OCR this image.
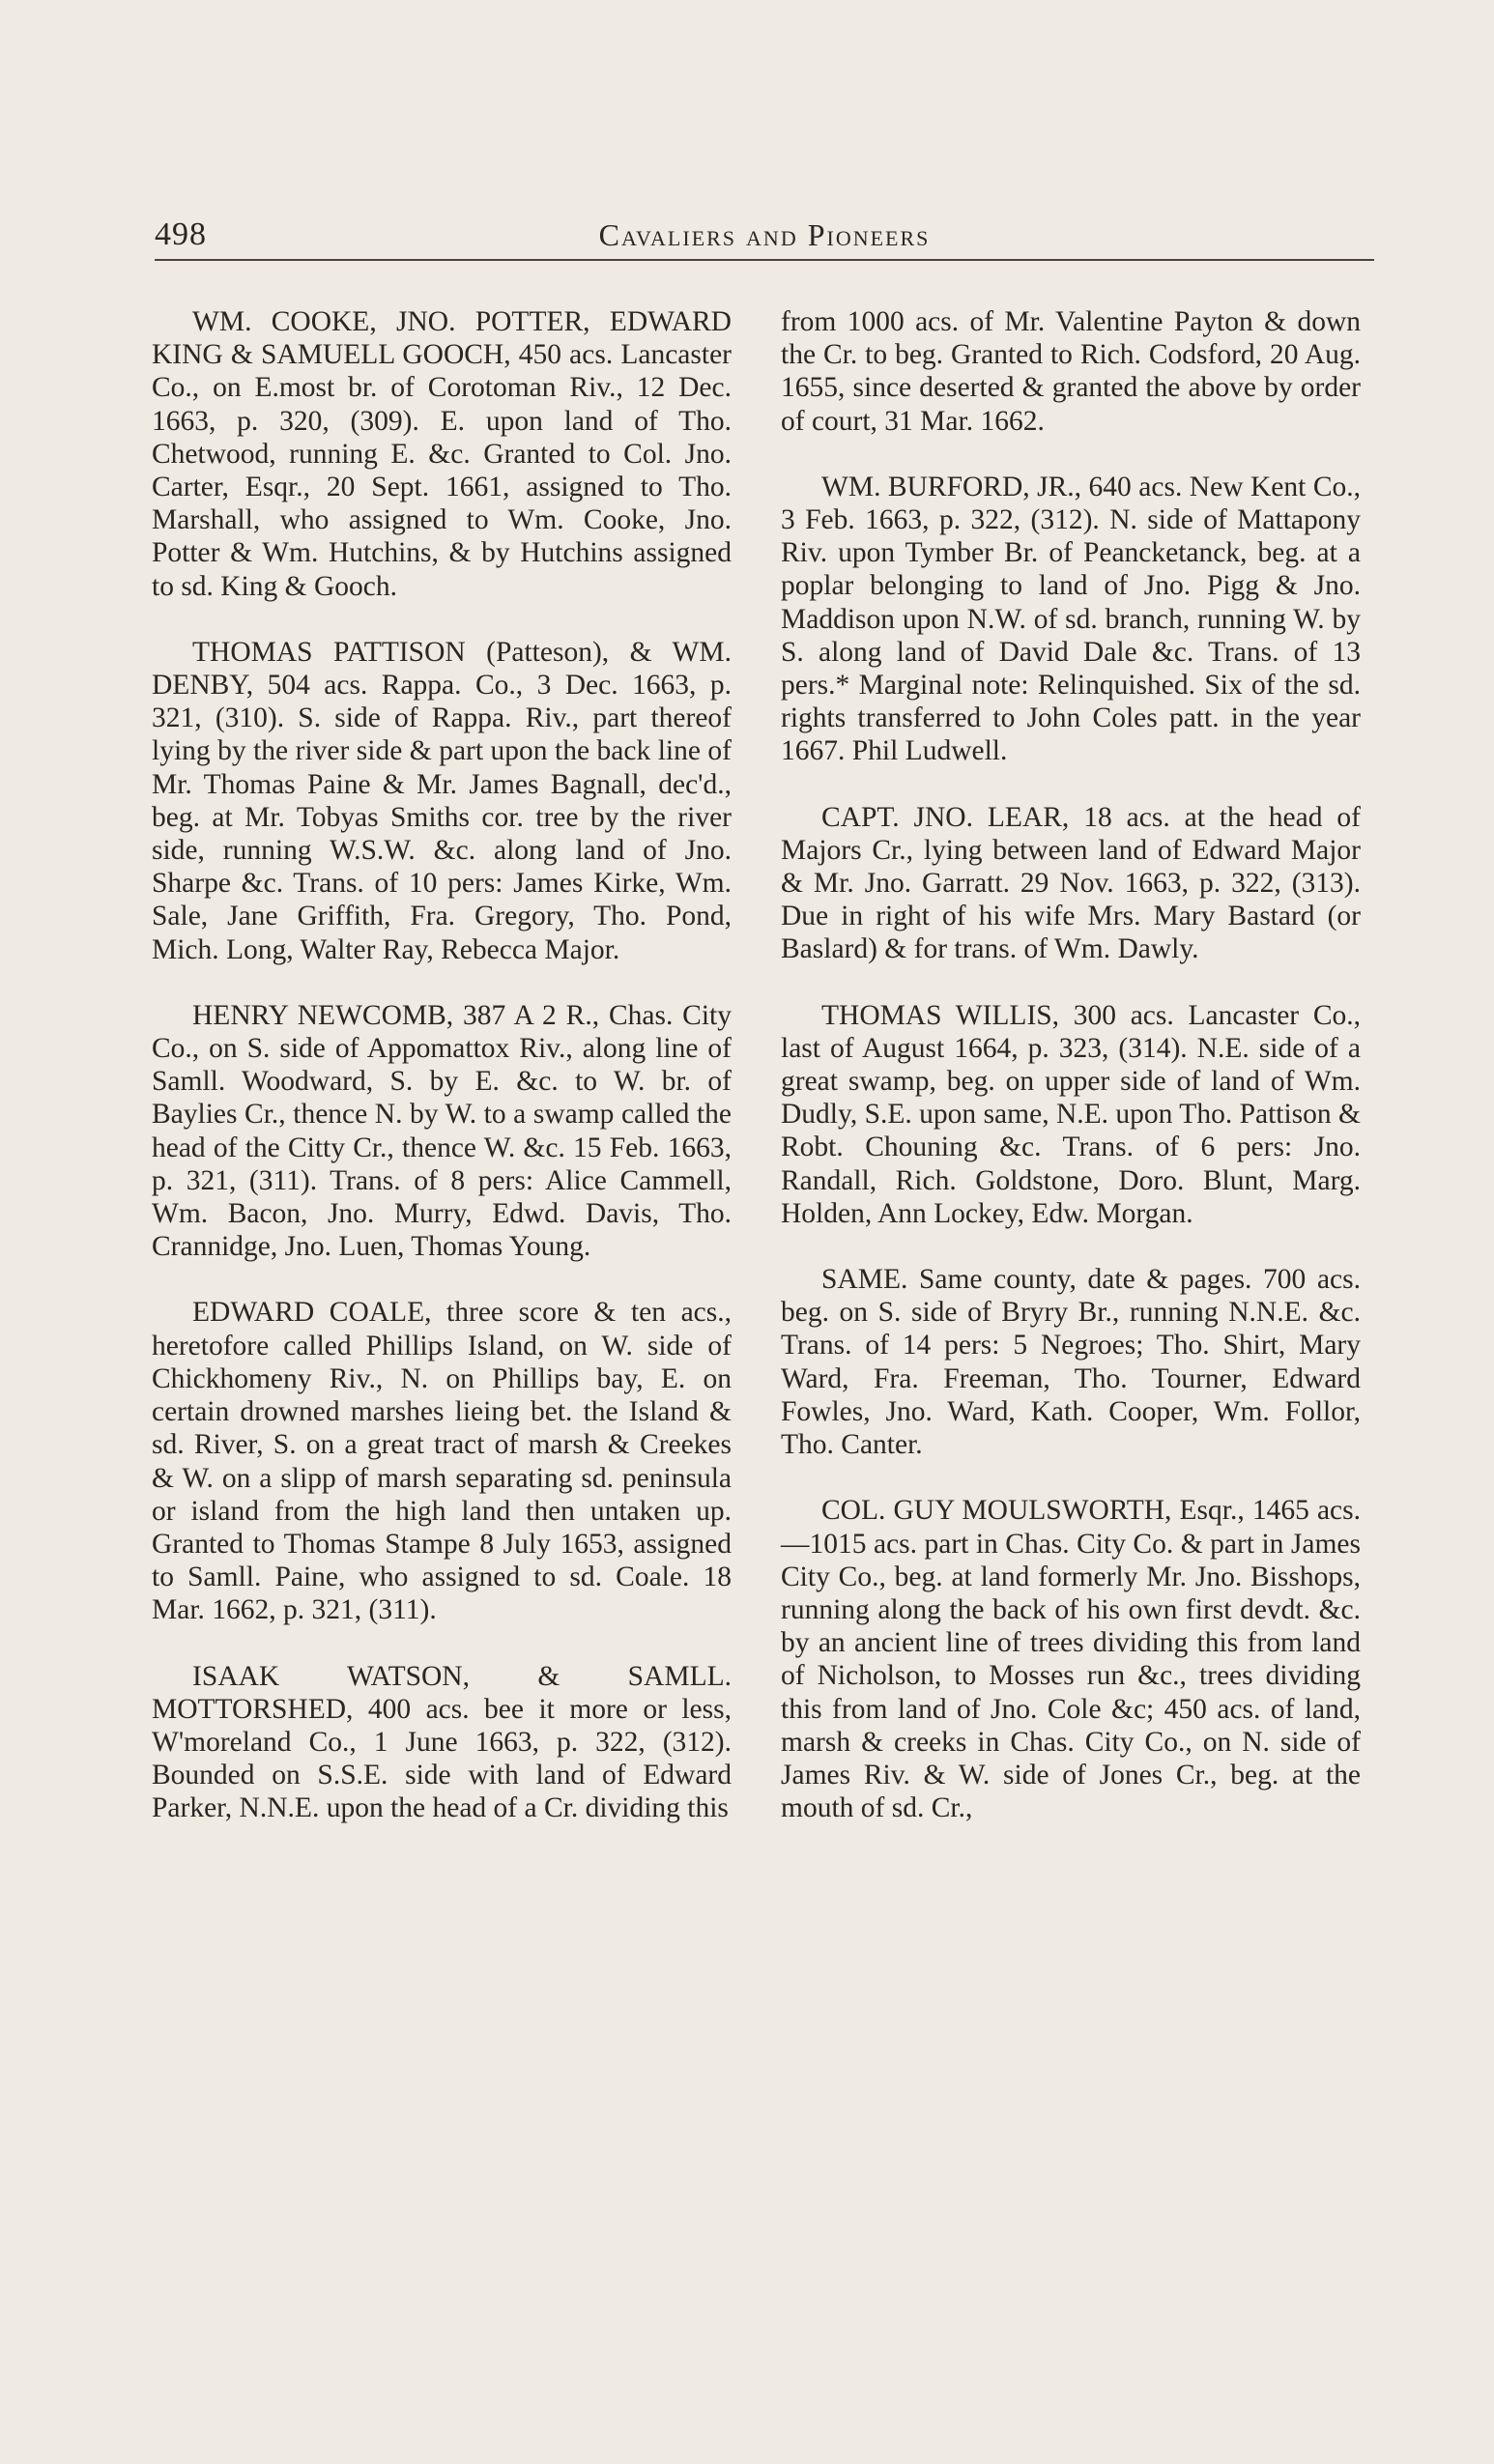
498	Cavaliers and Pioneers

WM. COOKE, JNO. POTTER, EDWARD KING & SAMUELL GOOCH, 450 acs. Lancaster Co., on E.most br. of Corotoman Riv., 12 Dec. 1663, p. 320, (309). E. upon land of Tho. Chetwood, running E. &c. Granted to Col. Jno. Carter, Esqr., 20 Sept. 1661, assigned to Tho. Marshall, who assigned to Wm. Cooke, Jno. Potter & Wm. Hutchins, & by Hutchins assigned to sd. King & Gooch.

THOMAS PATTISON (Patteson), & WM. DENBY, 504 acs. Rappa. Co., 3 Dec. 1663, p. 321, (310). S. side of Rappa. Riv., part thereof lying by the river side & part upon the back line of Mr. Thomas Paine & Mr. James Bagnall, dec'd., beg. at Mr. Tobyas Smiths cor. tree by the river side, running W.S.W. &c. along land of Jno. Sharpe &c. Trans. of 10 pers: James Kirke, Wm. Sale, Jane Griffith, Fra. Gregory, Tho. Pond, Mich. Long, Walter Ray, Rebecca Major.

HENRY NEWCOMB, 387 A 2 R., Chas. City Co., on S. side of Appomattox Riv., along line of Samll. Woodward, S. by E. &c. to W. br. of Baylies Cr., thence N. by W. to a swamp called the head of the Citty Cr., thence W. &c. 15 Feb. 1663, p. 321, (311). Trans. of 8 pers: Alice Cammell, Wm. Bacon, Jno. Murry, Edwd. Davis, Tho. Crannidge, Jno. Luen, Thomas Young.

EDWARD COALE, three score & ten acs., heretofore called Phillips Island, on W. side of Chickhomeny Riv., N. on Phillips bay, E. on certain drowned marshes lieing bet. the Island & sd. River, S. on a great tract of marsh & Creekes & W. on a slipp of marsh separating sd. peninsula or island from the high land then untaken up. Granted to Thomas Stampe 8 July 1653, assigned to Samll. Paine, who assigned to sd. Coale. 18 Mar. 1662, p. 321, (311).

ISAAK WATSON, & SAMLL. MOTTORSHED, 400 acs. bee it more or less, W'moreland Co., 1 June 1663, p. 322, (312). Bounded on S.S.E. side with land of Edward Parker, N.N.E. upon the head of a Cr. dividing this

from 1000 acs. of Mr. Valentine Payton & down the Cr. to beg. Granted to Rich. Codsford, 20 Aug. 1655, since deserted & granted the above by order of court, 31 Mar. 1662.

WM. BURFORD, JR., 640 acs. New Kent Co., 3 Feb. 1663, p. 322, (312). N. side of Mattapony Riv. upon Tymber Br. of Peancketanck, beg. at a poplar belonging to land of Jno. Pigg & Jno. Maddison upon N.W. of sd. branch, running W. by S. along land of David Dale &c. Trans. of 13 pers.* Marginal note: Relinquished. Six of the sd. rights transferred to John Coles patt. in the year 1667. Phil Ludwell.

CAPT. JNO. LEAR, 18 acs. at the head of Majors Cr., lying between land of Edward Major & Mr. Jno. Garratt. 29 Nov. 1663, p. 322, (313). Due in right of his wife Mrs. Mary Bastard (or Baslard) & for trans. of Wm. Dawly.

THOMAS WILLIS, 300 acs. Lancaster Co., last of August 1664, p. 323, (314). N.E. side of a great swamp, beg. on upper side of land of Wm. Dudly, S.E. upon same, N.E. upon Tho. Pattison & Robt. Chouning &c. Trans. of 6 pers: Jno. Randall, Rich. Goldstone, Doro. Blunt, Marg. Holden, Ann Lockey, Edw. Morgan.

SAME. Same county, date & pages. 700 acs. beg. on S. side of Bryry Br., running N.N.E. &c. Trans. of 14 pers: 5 Negroes; Tho. Shirt, Mary Ward, Fra. Freeman, Tho. Tourner, Edward Fowles, Jno. Ward, Kath. Cooper, Wm. Follor, Tho. Canter.

COL. GUY MOULSWORTH, Esqr., 1465 acs.—1015 acs. part in Chas. City Co. & part in James City Co., beg. at land formerly Mr. Jno. Bisshops, running along the back of his own first devdt. &c. by an ancient line of trees dividing this from land of Nicholson, to Mosses run &c., trees dividing this from land of Jno. Cole &c; 450 acs. of land, marsh & creeks in Chas. City Co., on N. side of James Riv. & W. side of Jones Cr., beg. at the mouth of sd. Cr.,
